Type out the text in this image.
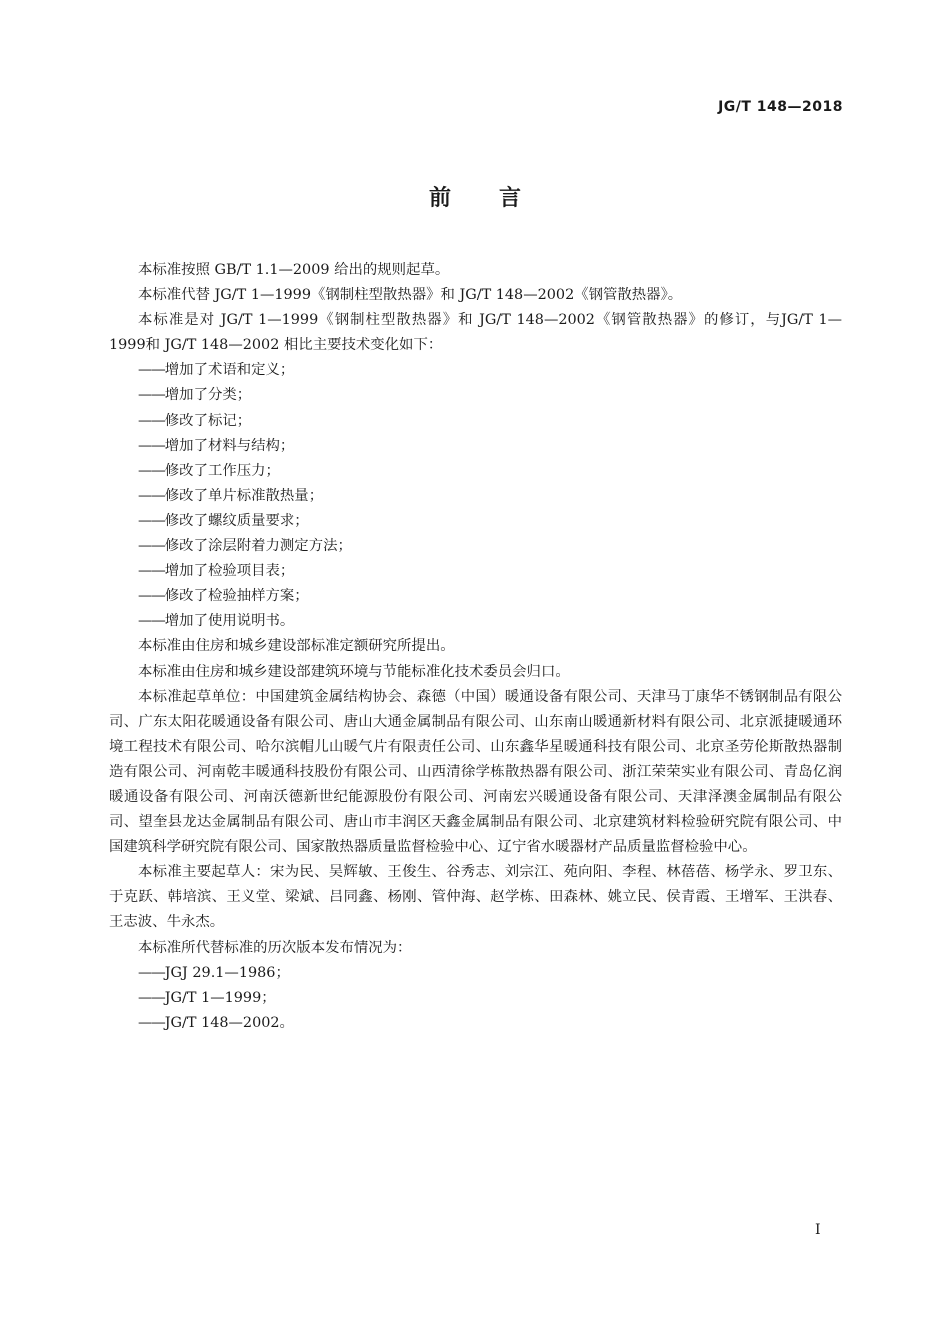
JG/T 148—2018
前言

本标准按照 GB/T 1.1—2009 给出的规则起草。

本标准代替 JG/T 1—1999《钢制柱型散热器》和 JG/T 148—2002《钢管散热器》。

本标准是对 JG/T 1—1999《钢制柱型散热器》和 JG/T 148—2002《钢管散热器》的修订，与JG/T 1—1999和 JG/T 148—2002 相比主要技术变化如下：

——增加了术语和定义；

——增加了分类；

——修改了标记；

——增加了材料与结构；

——修改了工作压力；

——修改了单片标准散热量；

——修改了螺纹质量要求；

——修改了涂层附着力测定方法；

——增加了检验项目表；

——修改了检验抽样方案；

——增加了使用说明书。

本标准由住房和城乡建设部标准定额研究所提出。

本标准由住房和城乡建设部建筑环境与节能标准化技术委员会归口。

本标准起草单位：中国建筑金属结构协会、森德（中国）暖通设备有限公司、天津马丁康华不锈钢制品有限公司、广东太阳花暖通设备有限公司、唐山大通金属制品有限公司、山东南山暖通新材料有限公司、北京派捷暖通环境工程技术有限公司、哈尔滨帽儿山暖气片有限责任公司、山东鑫华星暖通科技有限公司、北京圣劳伦斯散热器制造有限公司、河南乾丰暖通科技股份有限公司、山西清徐学栋散热器有限公司、浙江荣荣实业有限公司、青岛亿润暖通设备有限公司、河南沃德新世纪能源股份有限公司、河南宏兴暖通设备有限公司、天津泽澳金属制品有限公司、望奎县龙达金属制品有限公司、唐山市丰润区天鑫金属制品有限公司、北京建筑材料检验研究院有限公司、中国建筑科学研究院有限公司、国家散热器质量监督检验中心、辽宁省水暖器材产品质量监督检验中心。

本标准主要起草人：宋为民、吴辉敏、王俊生、谷秀志、刘宗江、苑向阳、李程、林蓓蓓、杨学永、罗卫东、于克跃、韩培滨、王义堂、梁斌、吕同鑫、杨刚、管仲海、赵学栋、田森林、姚立民、侯青霞、王增军、王洪春、王志波、牛永杰。

本标准所代替标准的历次版本发布情况为：

——JGJ 29.1—1986；

——JG/T 1—1999；

——JG/T 148—2002。

I
